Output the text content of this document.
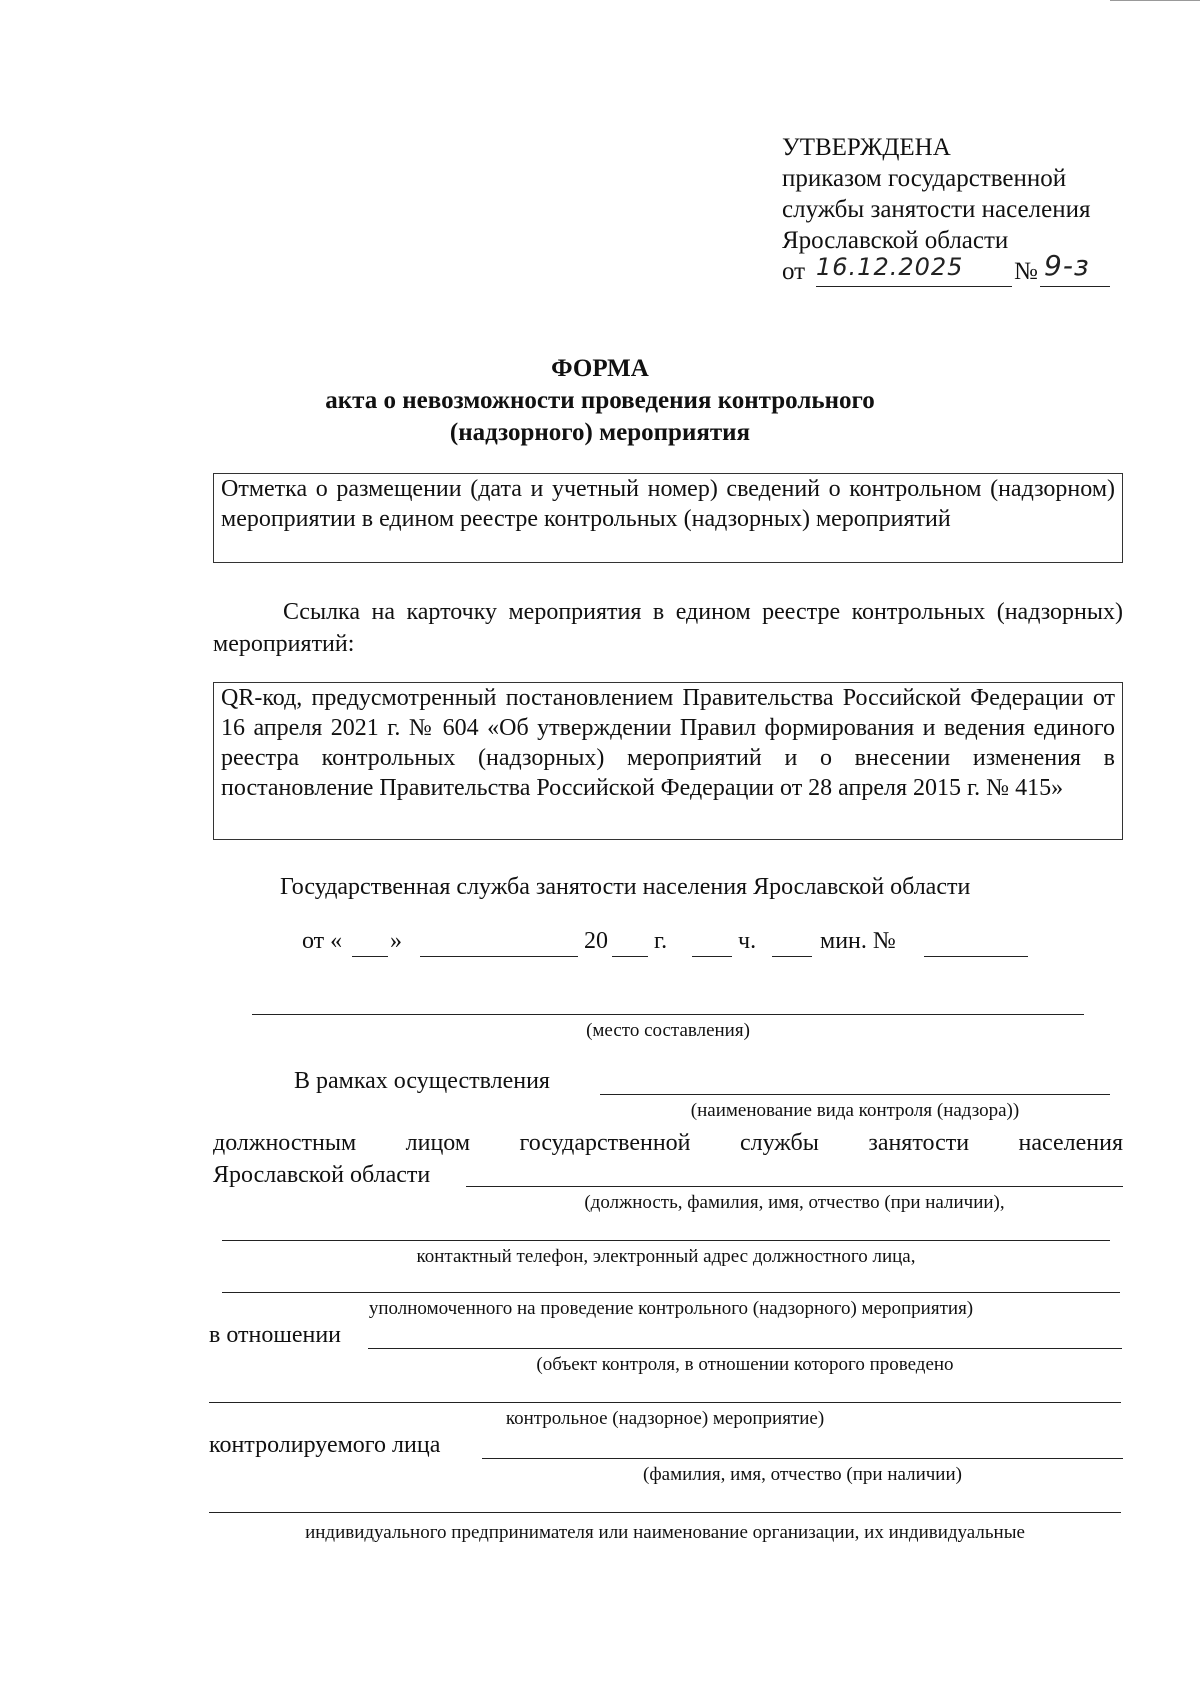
УТВЕРЖДЕНА
приказом государственной
службы занятости населения
Ярославской области
от 16.12.2025 № 9-з
ФОРМА
акта о невозможности проведения контрольного
(надзорного) мероприятия

Отметка о размещении (дата и учетный номер) сведений о контрольном (надзорном) мероприятии в едином реестре контрольных (надзорных) мероприятий

Ссылка на карточку мероприятия в едином реестре контрольных (надзорных) мероприятий:

QR-код, предусмотренный постановлением Правительства Российской Федерации от 16 апреля 2021 г. № 604 «Об утверждении Правил формирования и ведения единого реестра контрольных (надзорных) мероприятий и о внесении изменения в постановление Правительства Российской Федерации от 28 апреля 2015 г. № 415»

Государственная служба занятости населения Ярославской области
от « »	20 г.	ч.	мин. №
(место составления)
В рамках осуществления
(наименование вида контроля (надзора))
должностным лицом государственной службы занятости населения
Ярославской области
(должность, фамилия, имя, отчество (при наличии),
контактный телефон, электронный адрес должностного лица,
уполномоченного на проведение контрольного (надзорного) мероприятия)
в отношении
(объект контроля, в отношении которого проведено
контрольное (надзорное) мероприятие)
контролируемого лица
(фамилия, имя, отчество (при наличии)
индивидуального предпринимателя или наименование организации, их индивидуальные
